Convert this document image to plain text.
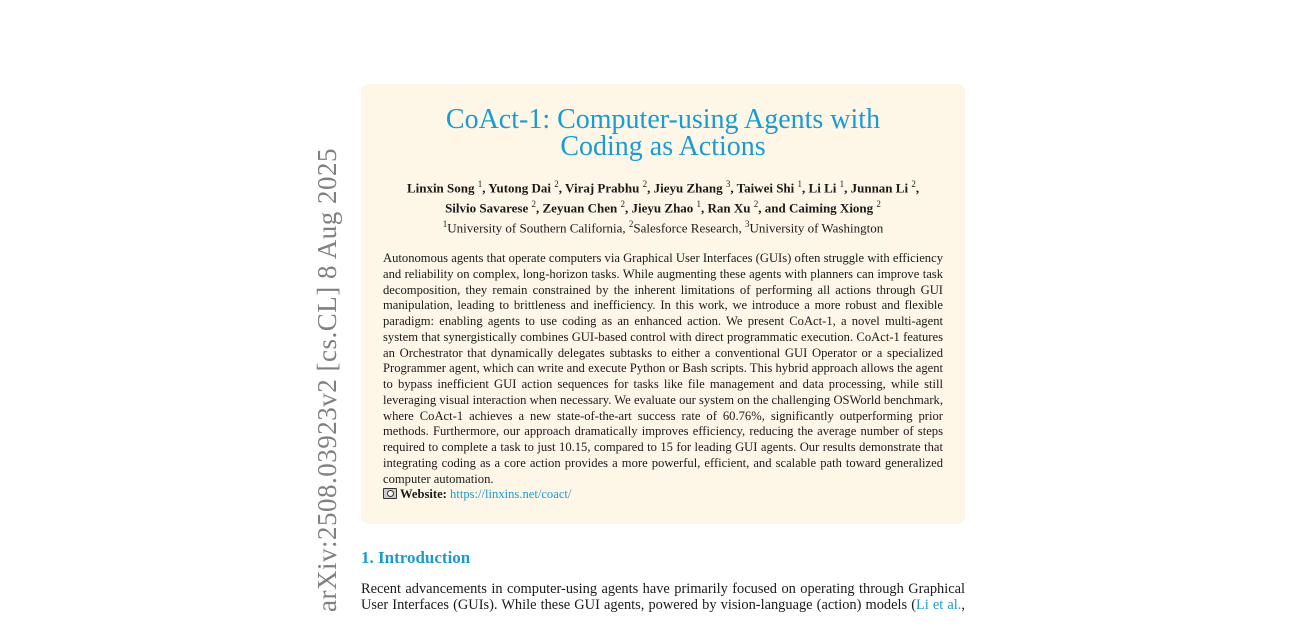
arXiv:2508.03923v2 [cs.CL] 8 Aug 2025
CoAct-1: Computer-using Agents with
Coding as Actions
Linxin Song $^1$, Yutong Dai $^2$, Viraj Prabhu $^2$, Jieyu Zhang $^3$, Taiwei Shi $^1$, Li Li $^1$, Junnan Li $^2$,
Silvio Savarese $^2$, Zeyuan Chen $^2$, Jieyu Zhao $^1$, Ran Xu $^2$, and Caiming Xiong $^2$
$^1$University of Southern California, $^2$Salesforce Research, $^3$University of Washington
Autonomous agents that operate computers via Graphical User Interfaces (GUIs) often struggle with efficiency and reliability on complex, long-horizon tasks. While augmenting these agents with planners can improve task decomposition, they remain constrained by the inherent limitations of performing all actions through GUI manipulation, leading to brittleness and inefficiency. In this work, we introduce a more robust and flexible paradigm: enabling agents to use coding as an enhanced action. We present CoAct-1, a novel multi-agent system that synergistically combines GUI-based control with direct programmatic execution. CoAct-1 features an Orchestrator that dynamically delegates subtasks to either a conventional GUI Operator or a specialized Programmer agent, which can write and execute Python or Bash scripts. This hybrid approach allows the agent to bypass inefficient GUI action sequences for tasks like file management and data processing, while still leveraging visual interaction when necessary. We evaluate our system on the challenging OSWorld benchmark, where CoAct-1 achieves a new state-of-the-art success rate of 60.76%, significantly outperforming prior methods. Furthermore, our approach dramatically improves efficiency, reducing the average number of steps required to complete a task to just 10.15, compared to 15 for leading GUI agents. Our results demonstrate that integrating coding as a core action provides a more powerful, efficient, and scalable path toward generalized computer automation.
Website: https://linxins.net/coact/
1. Introduction
Recent advancements in computer-using agents have primarily focused on operating through Graphical User Interfaces (GUIs). While these GUI agents, powered by vision-language (action) models (Li et al.,
